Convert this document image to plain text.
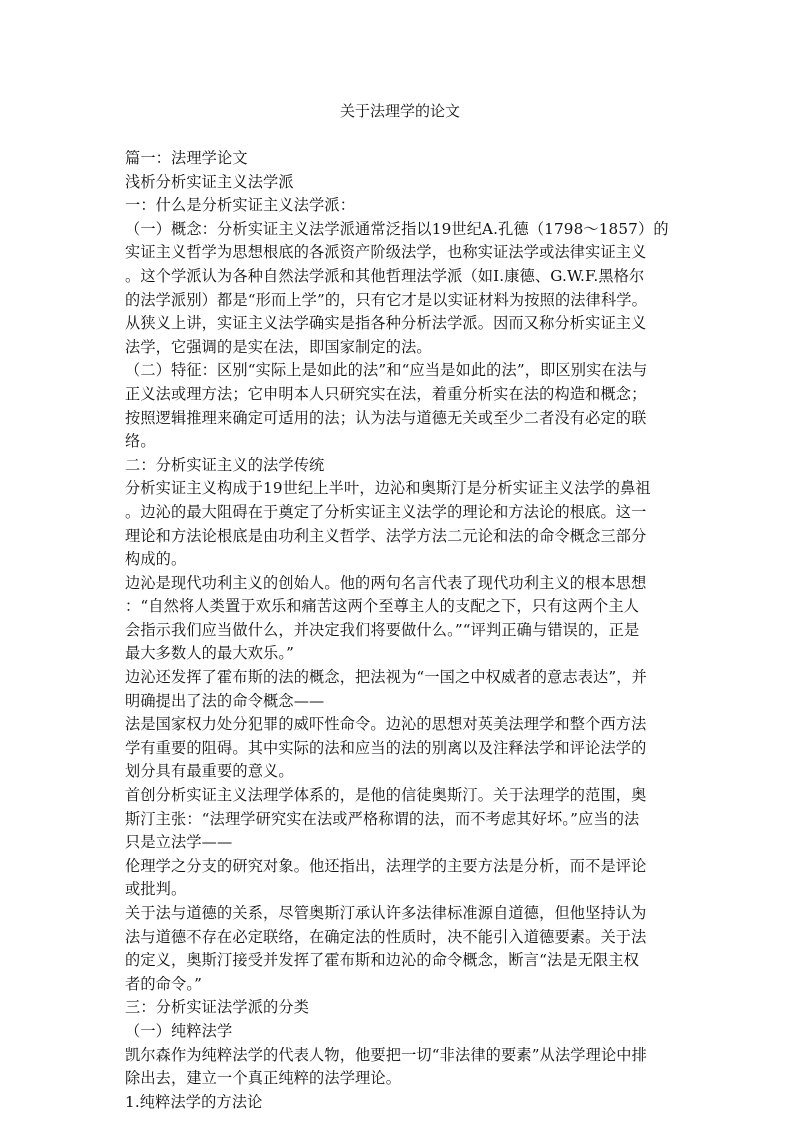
关于法理学的论文
篇一：法理学论文
浅析分析实证主义法学派
一：什么是分析实证主义法学派：
（一）概念：分析实证主义法学派通常泛指以19世纪A.孔德（1798～1857）的
实证主义哲学为思想根底的各派资产阶级法学，也称实证法学或法律实证主义
。这个学派认为各种自然法学派和其他哲理法学派（如I.康德、G.W.F.黑格尔
的法学派别）都是“形而上学”的，只有它才是以实证材料为按照的法律科学。
从狭义上讲，实证主义法学确实是指各种分析法学派。因而又称分析实证主义
法学，它强调的是实在法，即国家制定的法。
（二）特征：区别“实际上是如此的法”和“应当是如此的法”，即区别实在法与
正义法或理方法；它申明本人只研究实在法，着重分析实在法的构造和概念；
按照逻辑推理来确定可适用的法；认为法与道德无关或至少二者没有必定的联
络。
二：分析实证主义的法学传统
分析实证主义构成于19世纪上半叶，边沁和奥斯汀是分析实证主义法学的鼻祖
。边沁的最大阻碍在于奠定了分析实证主义法学的理论和方法论的根底。这一
理论和方法论根底是由功利主义哲学、法学方法二元论和法的命令概念三部分
构成的。
边沁是现代功利主义的创始人。他的两句名言代表了现代功利主义的根本思想
：“自然将人类置于欢乐和痛苦这两个至尊主人的支配之下，只有这两个主人
会指示我们应当做什么，并决定我们将要做什么。”“评判正确与错误的，正是
最大多数人的最大欢乐。”
边沁还发挥了霍布斯的法的概念，把法视为“一国之中权威者的意志表达”，并
明确提出了法的命令概念——
法是国家权力处分犯罪的威吓性命令。边沁的思想对英美法理学和整个西方法
学有重要的阻碍。其中实际的法和应当的法的别离以及注释法学和评论法学的
划分具有最重要的意义。
首创分析实证主义法理学体系的，是他的信徒奥斯汀。关于法理学的范围，奥
斯汀主张：“法理学研究实在法或严格称谓的法，而不考虑其好坏。”应当的法
只是立法学——
伦理学之分支的研究对象。他还指出，法理学的主要方法是分析，而不是评论
或批判。
关于法与道德的关系，尽管奥斯汀承认许多法律标准源自道德，但他坚持认为
法与道德不存在必定联络，在确定法的性质时，决不能引入道德要素。关于法
的定义，奥斯汀接受并发挥了霍布斯和边沁的命令概念，断言“法是无限主权
者的命令。”
三：分析实证法学派的分类
（一）纯粹法学
凯尔森作为纯粹法学的代表人物，他要把一切“非法律的要素”从法学理论中排
除出去，建立一个真正纯粹的法学理论。
1.纯粹法学的方法论
